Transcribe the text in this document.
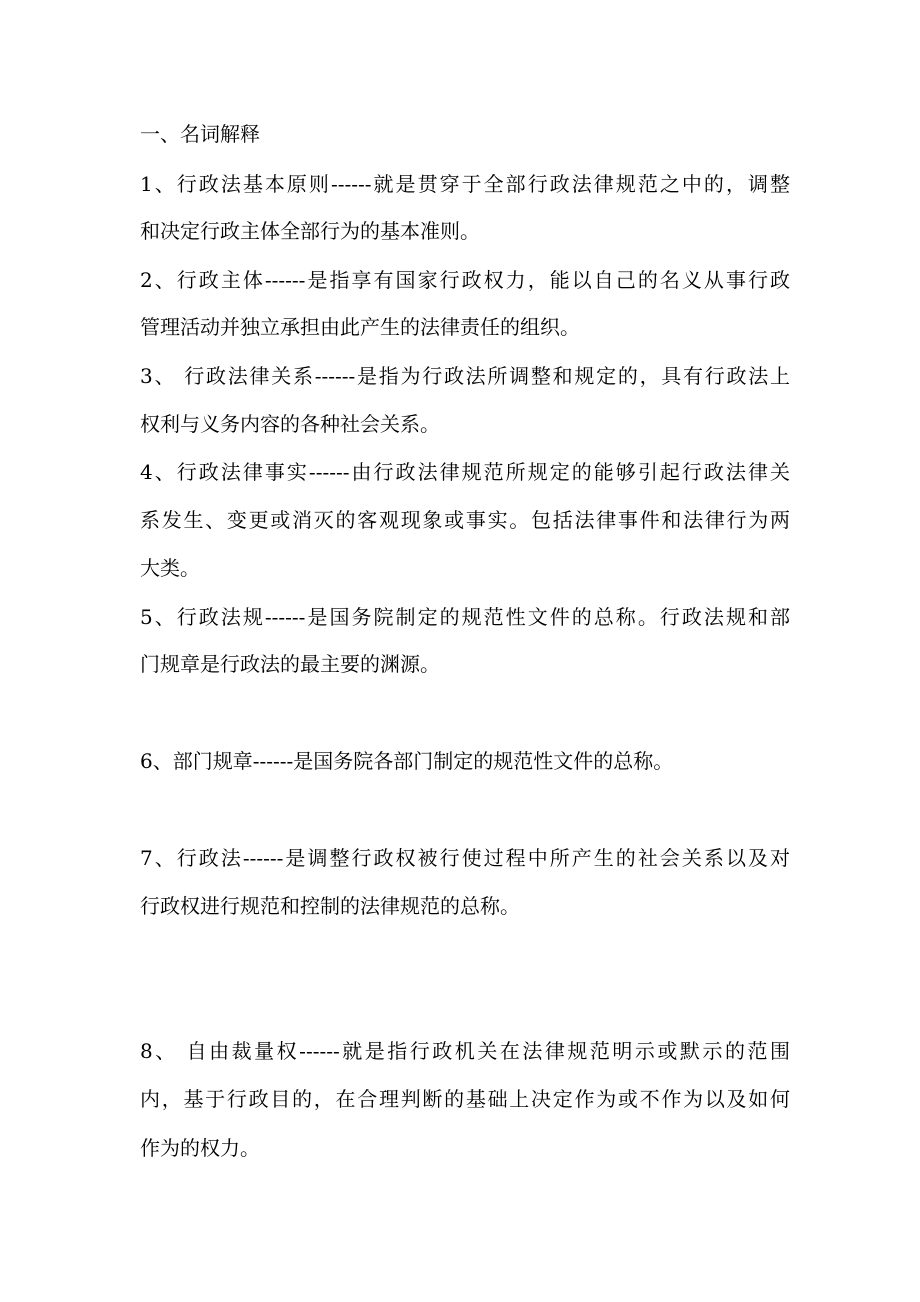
一、名词解释
1、行政法基本原则------就是贯穿于全部行政法律规范之中的，调整
和决定行政主体全部行为的基本准则。
2、行政主体------是指享有国家行政权力，能以自己的名义从事行政
管理活动并独立承担由此产生的法律责任的组织。
3、 行政法律关系------是指为行政法所调整和规定的，具有行政法上
权利与义务内容的各种社会关系。
4、行政法律事实------由行政法律规范所规定的能够引起行政法律关
系发生、变更或消灭的客观现象或事实。包括法律事件和法律行为两
大类。
5、行政法规------是国务院制定的规范性文件的总称。行政法规和部
门规章是行政法的最主要的渊源。
6、部门规章------是国务院各部门制定的规范性文件的总称。
7、行政法------是调整行政权被行使过程中所产生的社会关系以及对
行政权进行规范和控制的法律规范的总称。
8、 自由裁量权------就是指行政机关在法律规范明示或默示的范围
内，基于行政目的，在合理判断的基础上决定作为或不作为以及如何
作为的权力。
